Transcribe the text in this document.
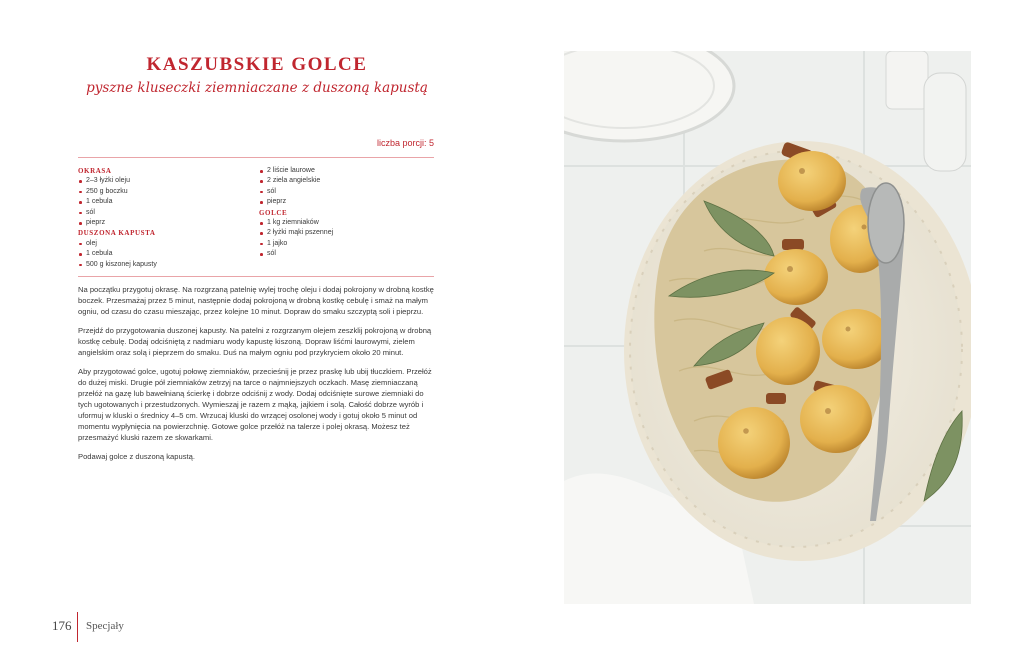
KASZUBSKIE GOLCE
pyszne kluseczki ziemniaczane z duszoną kapustą
liczba porcji: 5
OKRASA
2–3 łyżki oleju
250 g boczku
1 cebula
sól
pieprz
DUSZONA KAPUSTA
olej
1 cebula
500 g kiszonej kapusty
2 liście laurowe
2 ziela angielskie
sól
pieprz
GOLCE
1 kg ziemniaków
2 łyżki mąki pszennej
1 jajko
sól

Na początku przygotuj okrasę. Na rozgrzaną patelnię wylej trochę oleju i dodaj pokrojony w drobną kostkę boczek. Przesmażaj przez 5 minut, następnie dodaj pokrojoną w drobną kostkę cebulę i smaż na małym ogniu, od czasu do czasu mieszając, przez kolejne 10 minut. Dopraw do smaku szczyptą soli i pieprzu.

Przejdź do przygotowania duszonej kapusty. Na patelni z rozgrzanym olejem zeszklij pokrojoną w drobną kostkę cebulę. Dodaj odciśniętą z nadmiaru wody kapustę kiszoną. Dopraw liśćmi laurowymi, zielem angielskim oraz solą i pieprzem do smaku. Duś na małym ogniu pod przykryciem około 20 minut.

Aby przygotować golce, ugotuj połowę ziemniaków, przecieśnij je przez praskę lub ubij tłuczkiem. Przełóż do dużej miski. Drugie pół ziemniaków zetrzyj na tarce o najmniejszych oczkach. Masę ziemniaczaną przełóż na gazę lub bawełnianą ścierkę i dobrze odciśnij z wody. Dodaj odciśnięte surowe ziemniaki do tych ugotowanych i przestudzonych. Wymieszaj je razem z mąką, jajkiem i solą. Całość dobrze wyrób i uformuj w kluski o średnicy 4–5 cm. Wrzucaj kluski do wrzącej osolonej wody i gotuj około 5 minut od momentu wypłynięcia na powierzchnię. Gotowe golce przełóż na talerze i polej okrasą. Możesz też przesmażyć kluski razem ze skwarkami.

Podawaj golce z duszoną kapustą.

176 Specjały
